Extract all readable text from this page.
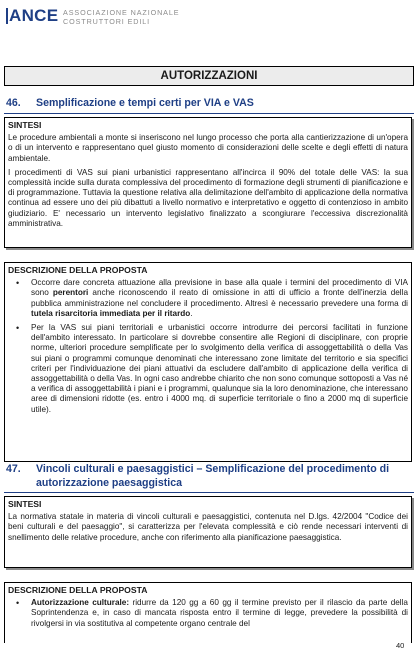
ANCE ASSOCIAZIONE NAZIONALE
COSTRUTTORI EDILI
AUTORIZZAZIONI
46. Semplificazione e tempi certi per VIA e VAS
SINTESI

Le procedure ambientali a monte si inseriscono nel lungo processo che porta alla cantierizzazione di un'opera o di un intervento e rappresentano quel giusto momento di considerazioni delle scelte e degli effetti di natura ambientale.

I procedimenti di VAS sui piani urbanistici rappresentano all'incirca il 90% del totale delle VAS: la sua complessità incide sulla durata complessiva del procedimento di formazione degli strumenti di pianificazione e di programmazione. Tuttavia la questione relativa alla delimitazione dell'ambito di applicazione della normativa continua ad essere uno dei più dibattuti a livello normativo e interpretativo e oggetto di contenzioso in ambito giudiziario. E' necessario un intervento legislativo finalizzato a scongiurare l'eccessiva discrezionalità amministrativa.

DESCRIZIONE DELLA PROPOSTA
• Occorre dare concreta attuazione alla previsione in base alla quale i termini del procedimento di VIA sono perentori anche riconoscendo il reato di omissione in atti di ufficio a fronte dell'inerzia della pubblica amministrazione nel concludere il procedimento. Altresì è necessario prevedere una forma di tutela risarcitoria immediata per il ritardo.
• Per la VAS sui piani territoriali e urbanistici occorre introdurre dei percorsi facilitati in funzione dell'ambito interessato. In particolare si dovrebbe consentire alle Regioni di disciplinare, con proprie norme, ulteriori procedure semplificate per lo svolgimento della verifica di assoggettabilità o della Vas sui piani o programmi comunque denominati che interessano zone limitate del territorio e sia specifici criteri per l'individuazione dei piani attuativi da escludere dall'ambito di applicazione della verifica di assoggettabilità o della Vas. In ogni caso andrebbe chiarito che non sono comunque sottoposti a Vas né a verifica di assoggettabilità i piani e i programmi, qualunque sia la loro denominazione, che interessano aree di dimensioni ridotte (es. entro i 4000 mq. di superficie territoriale o fino a 2000 mq di superficie utile).
47. Vincoli culturali e paesaggistici – Semplificazione del procedimento di
autorizzazione paesaggistica
SINTESI

La normativa statale in materia di vincoli culturali e paesaggistici, contenuta nel D.lgs. 42/2004 "Codice dei beni culturali e del paesaggio", si caratterizza per l'elevata complessità e ciò rende necessari interventi di snellimento delle relative procedure, anche con riferimento alla pianificazione paesaggistica.

DESCRIZIONE DELLA PROPOSTA
• Autorizzazione culturale: ridurre da 120 gg a 60 gg il termine previsto per il rilascio da parte della Soprintendenza e, in caso di mancata risposta entro il termine di legge, prevedere la possibilità di rivolgersi in via sostitutiva al competente organo centrale del
40
